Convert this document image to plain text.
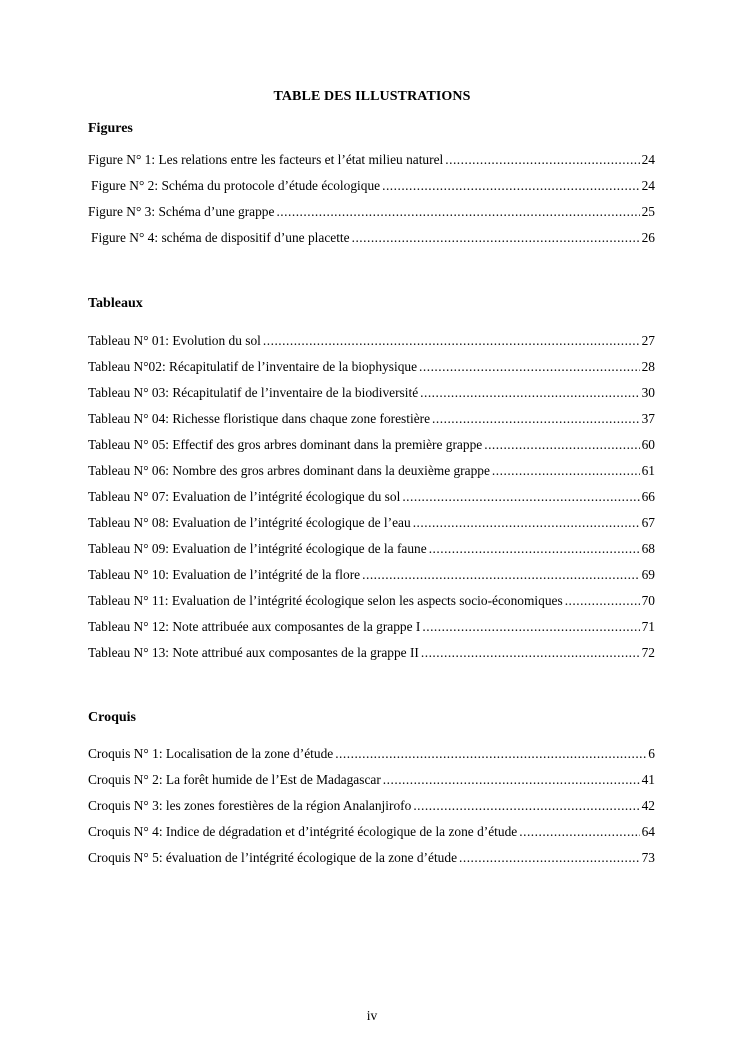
TABLE DES ILLUSTRATIONS
Figures
Figure N° 1: Les relations entre les facteurs et l’état milieu naturel .....	24
Figure N° 2: Schéma du protocole d’étude écologique .....	24
Figure N° 3: Schéma d’une grappe .....	25
Figure N° 4: schéma de dispositif d’une placette .....	26
Tableaux
Tableau N° 01: Evolution du sol .....	27
Tableau N°02: Récapitulatif de l’inventaire de la biophysique .....	28
Tableau N° 03: Récapitulatif de l’inventaire de la biodiversité .....	30
Tableau N° 04: Richesse floristique dans chaque zone forestière .....	37
Tableau N° 05: Effectif des gros arbres dominant dans la première grappe .....	60
Tableau N° 06: Nombre des gros arbres dominant dans la deuxième grappe .....	61
Tableau N° 07: Evaluation de l’intégrité écologique du sol .....	66
Tableau N° 08: Evaluation de l’intégrité écologique de l’eau .....	67
Tableau N° 09: Evaluation de l’intégrité écologique de la faune .....	68
Tableau N° 10: Evaluation de l’intégrité de la flore .....	69
Tableau N° 11: Evaluation de l’intégrité écologique selon les aspects socio-économiques .....	70
Tableau N° 12: Note attribuée aux composantes de la grappe I .....	71
Tableau N° 13: Note attribué aux composantes de la grappe II .....	72
Croquis
Croquis N° 1: Localisation de la zone d’étude .....	6
Croquis N° 2: La forêt humide de l’Est de Madagascar .....	41
Croquis N° 3: les zones forestières de la région Analanjirofo .....	42
Croquis N° 4: Indice de dégradation et d’intégrité écologique de la zone d’étude .....	64
Croquis N° 5: évaluation de l’intégrité écologique de la zone d’étude .....	73
iv
